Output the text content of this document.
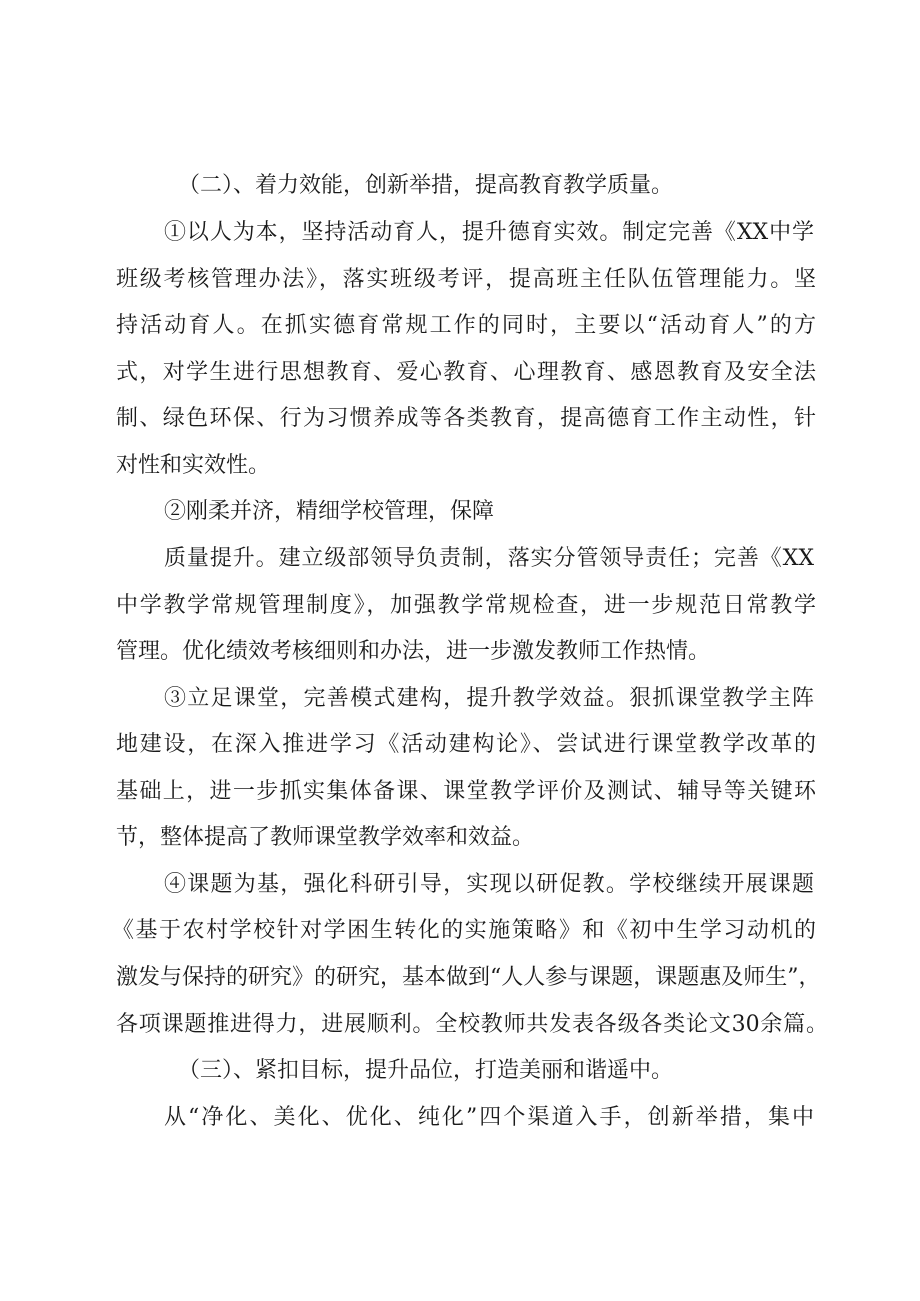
（二）、着力效能，创新举措，提高教育教学质量。
①以人为本，坚持活动育人，提升德育实效。制定完善《XX中学
班级考核管理办法》，落实班级考评，提高班主任队伍管理能力。坚
持活动育人。在抓实德育常规工作的同时，主要以“活动育人”的方
式，对学生进行思想教育、爱心教育、心理教育、感恩教育及安全法
制、绿色环保、行为习惯养成等各类教育，提高德育工作主动性，针
对性和实效性。
②刚柔并济，精细学校管理，保障
质量提升。建立级部领导负责制，落实分管领导责任；完善《XX
中学教学常规管理制度》，加强教学常规检查，进一步规范日常教学
管理。优化绩效考核细则和办法，进一步激发教师工作热情。
③立足课堂，完善模式建构，提升教学效益。狠抓课堂教学主阵
地建设，在深入推进学习《活动建构论》、尝试进行课堂教学改革的
基础上，进一步抓实集体备课、课堂教学评价及测试、辅导等关键环
节，整体提高了教师课堂教学效率和效益。
④课题为基，强化科研引导，实现以研促教。学校继续开展课题
《基于农村学校针对学困生转化的实施策略》和《初中生学习动机的
激发与保持的研究》的研究，基本做到“人人参与课题，课题惠及师生”，
各项课题推进得力，进展顺利。全校教师共发表各级各类论文30余篇。
（三）、紧扣目标，提升品位，打造美丽和谐遥中。
从“净化、美化、优化、纯化”四个渠道入手，创新举措，集中
